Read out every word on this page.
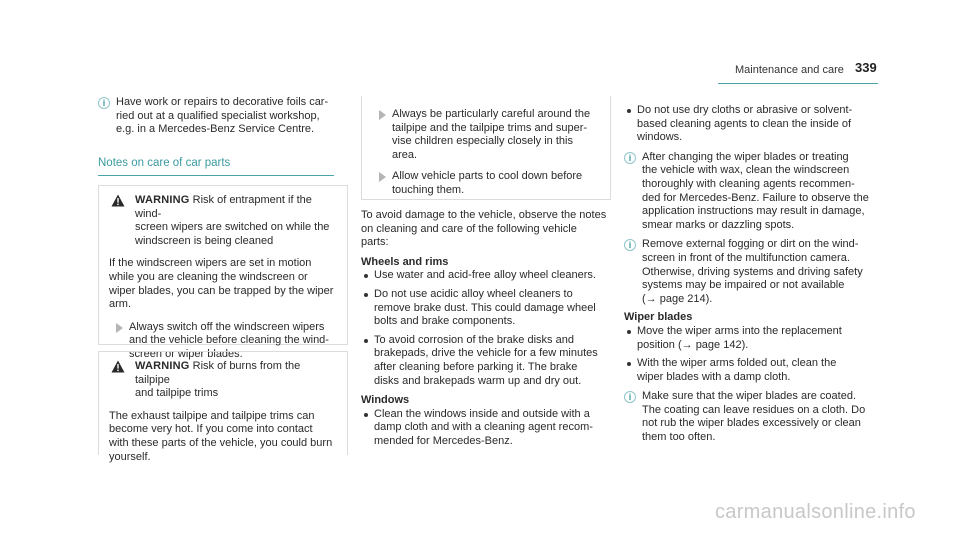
Maintenance and care 339
i Have work or repairs to decorative foils car-
ried out at a qualified specialist workshop,
e.g. in a Mercedes-Benz Service Centre.
Notes on care of car parts
WARNING Risk of entrapment if the wind-
screen wipers are switched on while the
windscreen is being cleaned
If the windscreen wipers are set in motion
while you are cleaning the windscreen or
wiper blades, you can be trapped by the wiper
arm.
Always switch off the windscreen wipers
and the vehicle before cleaning the wind-
screen or wiper blades.
WARNING Risk of burns from the tailpipe
and tailpipe trims
The exhaust tailpipe and tailpipe trims can
become very hot. If you come into contact
with these parts of the vehicle, you could burn
yourself.
Always be particularly careful around the
tailpipe and the tailpipe trims and super-
vise children especially closely in this
area.
Allow vehicle parts to cool down before
touching them.
To avoid damage to the vehicle, observe the notes
on cleaning and care of the following vehicle
parts:
Wheels and rims
Use water and acid-free alloy wheel cleaners.
Do not use acidic alloy wheel cleaners to
remove brake dust. This could damage wheel
bolts and brake components.
To avoid corrosion of the brake disks and
brakepads, drive the vehicle for a few minutes
after cleaning before parking it. The brake
disks and brakepads warm up and dry out.
Windows
Clean the windows inside and outside with a
damp cloth and with a cleaning agent recom-
mended for Mercedes-Benz.
Do not use dry cloths or abrasive or solvent-
based cleaning agents to clean the inside of
windows.
i After changing the wiper blades or treating
the vehicle with wax, clean the windscreen
thoroughly with cleaning agents recommen-
ded for Mercedes-Benz. Failure to observe the
application instructions may result in damage,
smear marks or dazzling spots.
i Remove external fogging or dirt on the wind-
screen in front of the multifunction camera.
Otherwise, driving systems and driving safety
systems may be impaired or not available
(→ page 214).
Wiper blades
Move the wiper arms into the replacement
position (→ page 142).
With the wiper arms folded out, clean the
wiper blades with a damp cloth.
i Make sure that the wiper blades are coated.
The coating can leave residues on a cloth. Do
not rub the wiper blades excessively or clean
them too often.
carmanualsonline.info
